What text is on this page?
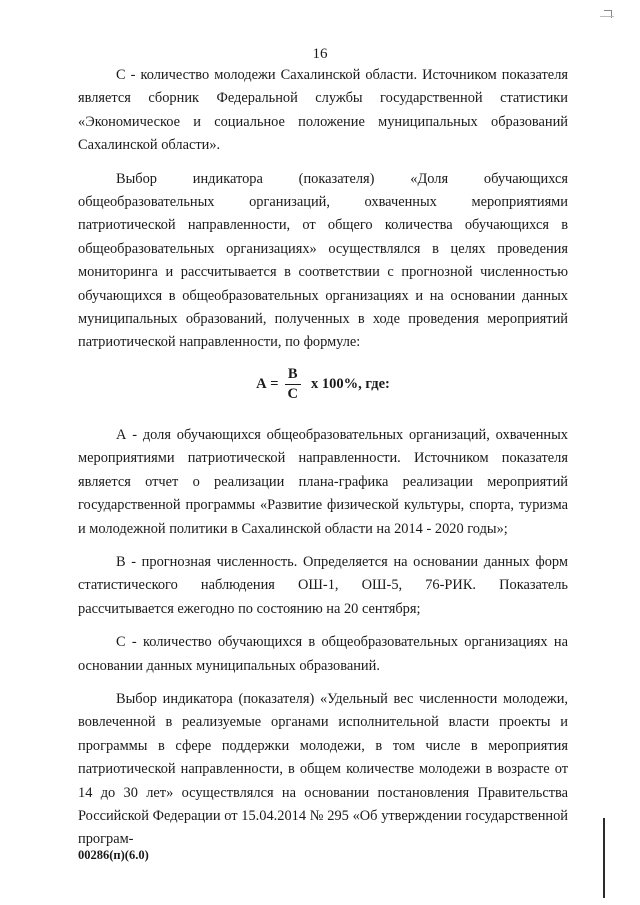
16

С - количество молодежи Сахалинской области. Источником показателя является сборник Федеральной службы государственной статистики «Экономическое и социальное положение муниципальных образований Сахалинской области».

Выбор индикатора (показателя) «Доля обучающихся общеобразовательных организаций, охваченных мероприятиями патриотической направленности, от общего количества обучающихся в общеобразовательных организациях» осуществлялся в целях проведения мониторинга и рассчитывается в соответствии с прогнозной численностью обучающихся в общеобразовательных организациях и на основании данных муниципальных образований, полученных в ходе проведения мероприятий патриотической направленности, по формуле:

$А = \frac{В}{С}$ х 100%, где:

А - доля обучающихся общеобразовательных организаций, охваченных мероприятиями патриотической направленности. Источником показателя является отчет о реализации плана-графика реализации мероприятий государственной программы «Развитие физической культуры, спорта, туризма и молодежной политики в Сахалинской области на 2014 - 2020 годы»;

В - прогнозная численность. Определяется на основании данных форм статистического наблюдения ОШ-1, ОШ-5, 76-РИК. Показатель рассчитывается ежегодно по состоянию на 20 сентября;

С - количество обучающихся в общеобразовательных организациях на основании данных муниципальных образований.

Выбор индикатора (показателя) «Удельный вес численности молодежи, вовлеченной в реализуемые органами исполнительной власти проекты и программы в сфере поддержки молодежи, в том числе в мероприятия патриотической направленности, в общем количестве молодежи в возрасте от 14 до 30 лет» осуществлялся на основании постановления Правительства Российской Федерации от 15.04.2014 № 295 «Об утверждении государственной програм-

00286(п)(6.0)
